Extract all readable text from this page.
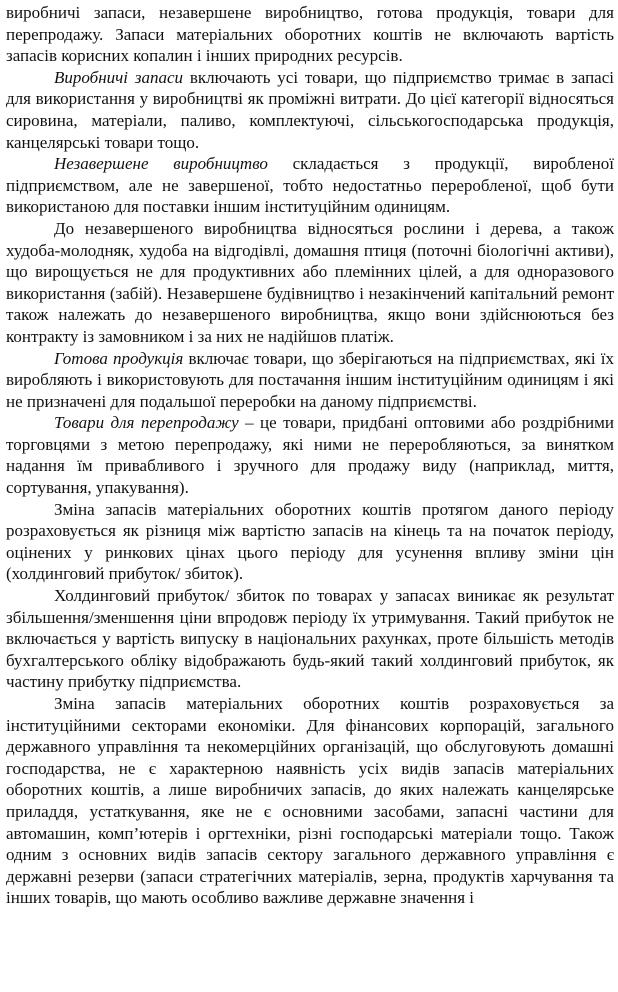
виробничі запаси, незавершене виробництво, готова продукція, товари для перепродажу. Запаси матеріальних оборотних коштів не включають вартість запасів корисних копалин і інших природних ресурсів.

Виробничі запаси включають усі товари, що підприємство тримає в запасі для використання у виробництві як проміжні витрати. До цієї категорії відносяться сировина, матеріали, паливо, комплектуючі, сільськогосподарська продукція, канцелярські товари тощо.

Незавершене виробництво складається з продукції, виробленої підприємством, але не завершеної, тобто недостатньо переробленої, щоб бути використаною для поставки іншим інституційним одиницям.

До незавершеного виробництва відносяться рослини і дерева, а також худоба-молодняк, худоба на відгодівлі, домашня птиця (поточні біологічні активи), що вирощується не для продуктивних або племінних цілей, а для одноразового використання (забій). Незавершене будівництво і незакінчений капітальний ремонт також належать до незавершеного виробництва, якщо вони здійснюються без контракту із замовником і за них не надійшов платіж.

Готова продукція включає товари, що зберігаються на підприємствах, які їх виробляють і використовують для постачання іншим інституційним одиницям і які не призначені для подальшої переробки на даному підприємстві.

Товари для перепродажу – це товари, придбані оптовими або роздрібними торговцями з метою перепродажу, які ними не переробляються, за винятком надання їм привабливого і зручного для продажу виду (наприклад, миття, сортування, упакування).

Зміна запасів матеріальних оборотних коштів протягом даного періоду розраховується як різниця між вартістю запасів на кінець та на початок періоду, оцінених у ринкових цінах цього періоду для усунення впливу зміни цін (холдинговий прибуток/ збиток).

Холдинговий прибуток/ збиток по товарах у запасах виникає як результат збільшення/зменшення ціни впродовж періоду їх утримування. Такий прибуток не включається у вартість випуску в національних рахунках, проте більшість методів бухгалтерського обліку відображають будь-який такий холдинговий прибуток, як частину прибутку підприємства.

Зміна запасів матеріальних оборотних коштів розраховується за інституційними секторами економіки. Для фінансових корпорацій, загального державного управління та некомерційних організацій, що обслуговують домашні господарства, не є характерною наявність усіх видів запасів матеріальних оборотних коштів, а лише виробничих запасів, до яких належать канцелярське приладдя, устаткування, яке не є основними засобами, запасні частини для автомашин, комп’ютерів і оргтехніки, різні господарські матеріали тощо. Також одним з основних видів запасів сектору загального державного управління є державні резерви (запаси стратегічних матеріалів, зерна, продуктів харчування та інших товарів, що мають особливо важливе державне значення і
